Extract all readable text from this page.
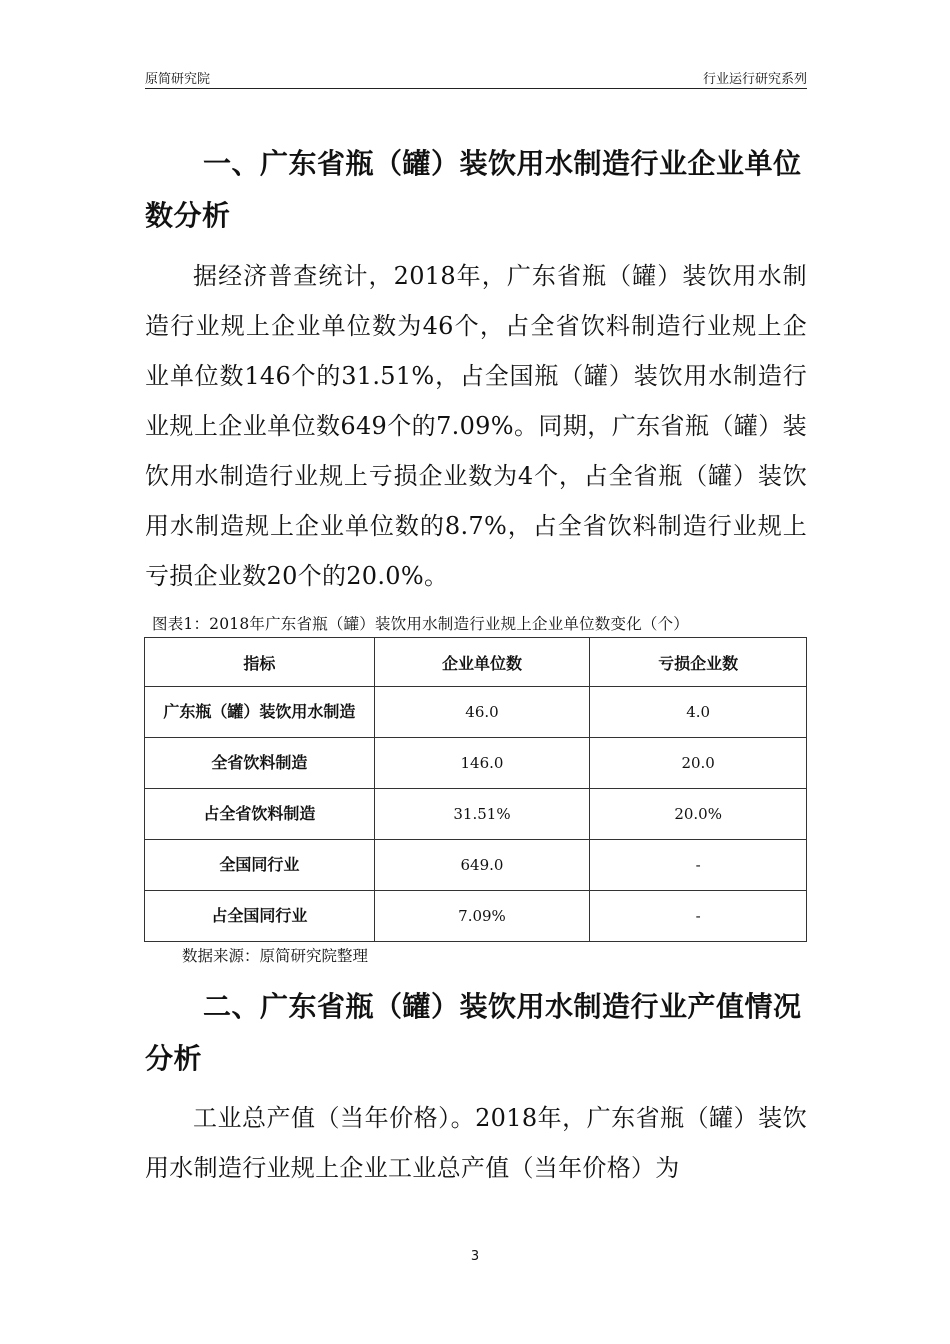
原简研究院	行业运行研究系列
一、广东省瓶（罐）装饮用水制造行业企业单位数分析

据经济普查统计，2018年，广东省瓶（罐）装饮用水制造行业规上企业单位数为46个，占全省饮料制造行业规上企业单位数146个的31.51%，占全国瓶（罐）装饮用水制造行业规上企业单位数649个的7.09%。同期，广东省瓶（罐）装饮用水制造行业规上亏损企业数为4个，占全省瓶（罐）装饮用水制造规上企业单位数的8.7%，占全省饮料制造行业规上亏损企业数20个的20.0%。

图表1：2018年广东省瓶（罐）装饮用水制造行业规上企业单位数变化（个）
指标	企业单位数	亏损企业数
广东瓶（罐）装饮用水制造	46.0	4.0
全省饮料制造	146.0	20.0
占全省饮料制造	31.51%	20.0%
全国同行业	649.0	-
占全国同行业	7.09%	-
数据来源：原简研究院整理
二、广东省瓶（罐）装饮用水制造行业产值情况分析

工业总产值（当年价格）。2018年，广东省瓶（罐）装饮用水制造行业规上企业工业总产值（当年价格）为

3
